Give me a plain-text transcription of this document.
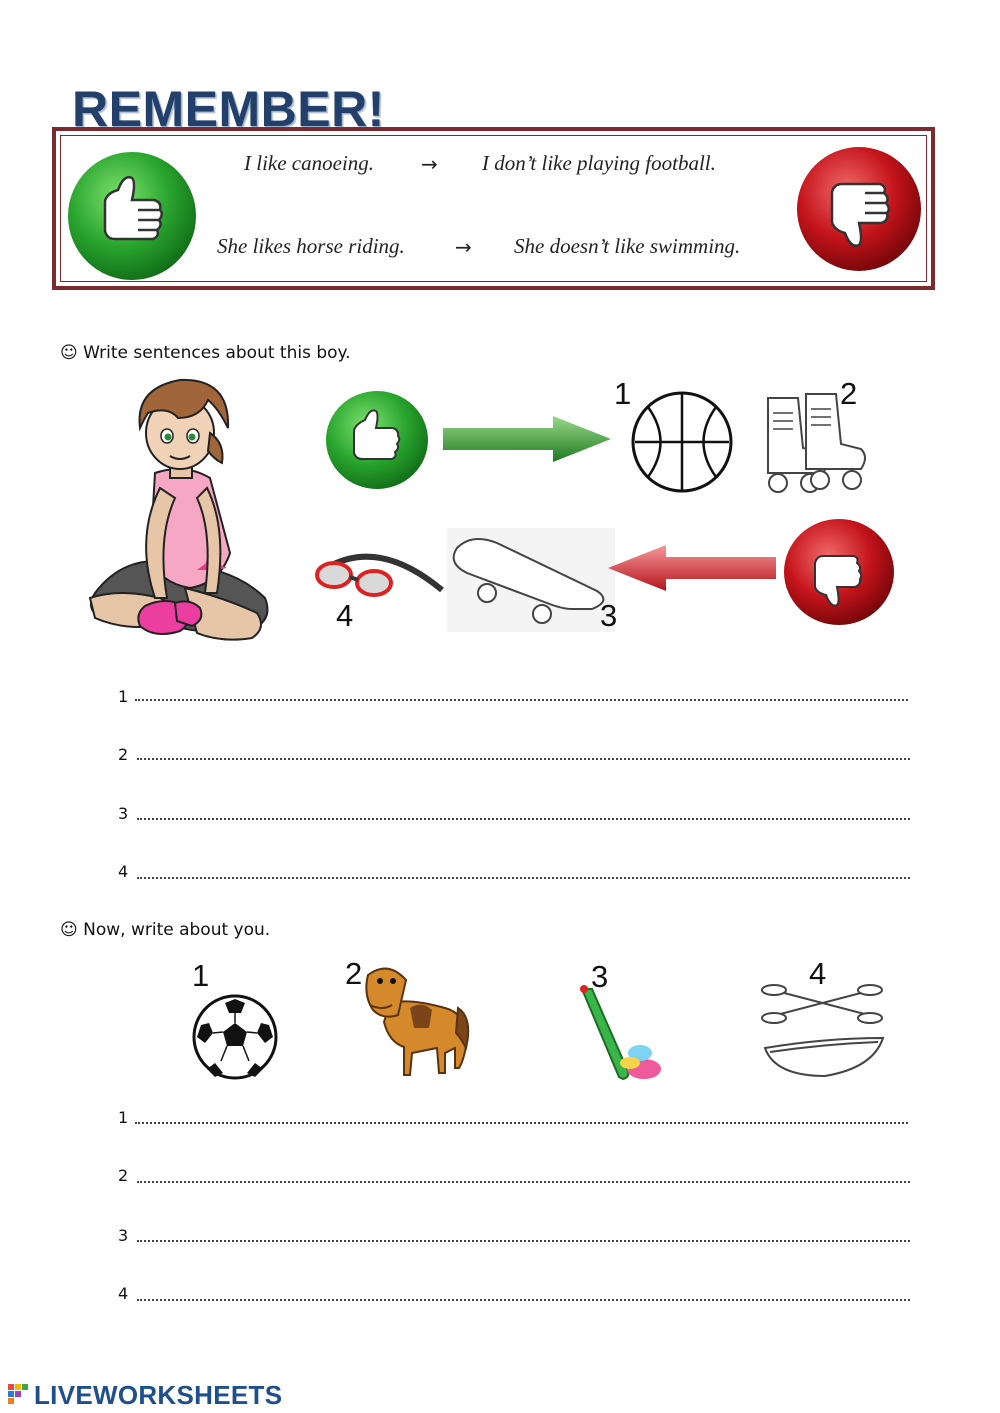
REMEMBER!
I like canoeing. → I don’t like playing football.
She likes horse riding.	→ She doesn’t like swimming.
☺ Write sentences about this boy.
1	2
4	3
1
2
3
4
☺ Now, write about you.
1	2	3	4
1
2
3
4
LIVEWORKSHEETS
